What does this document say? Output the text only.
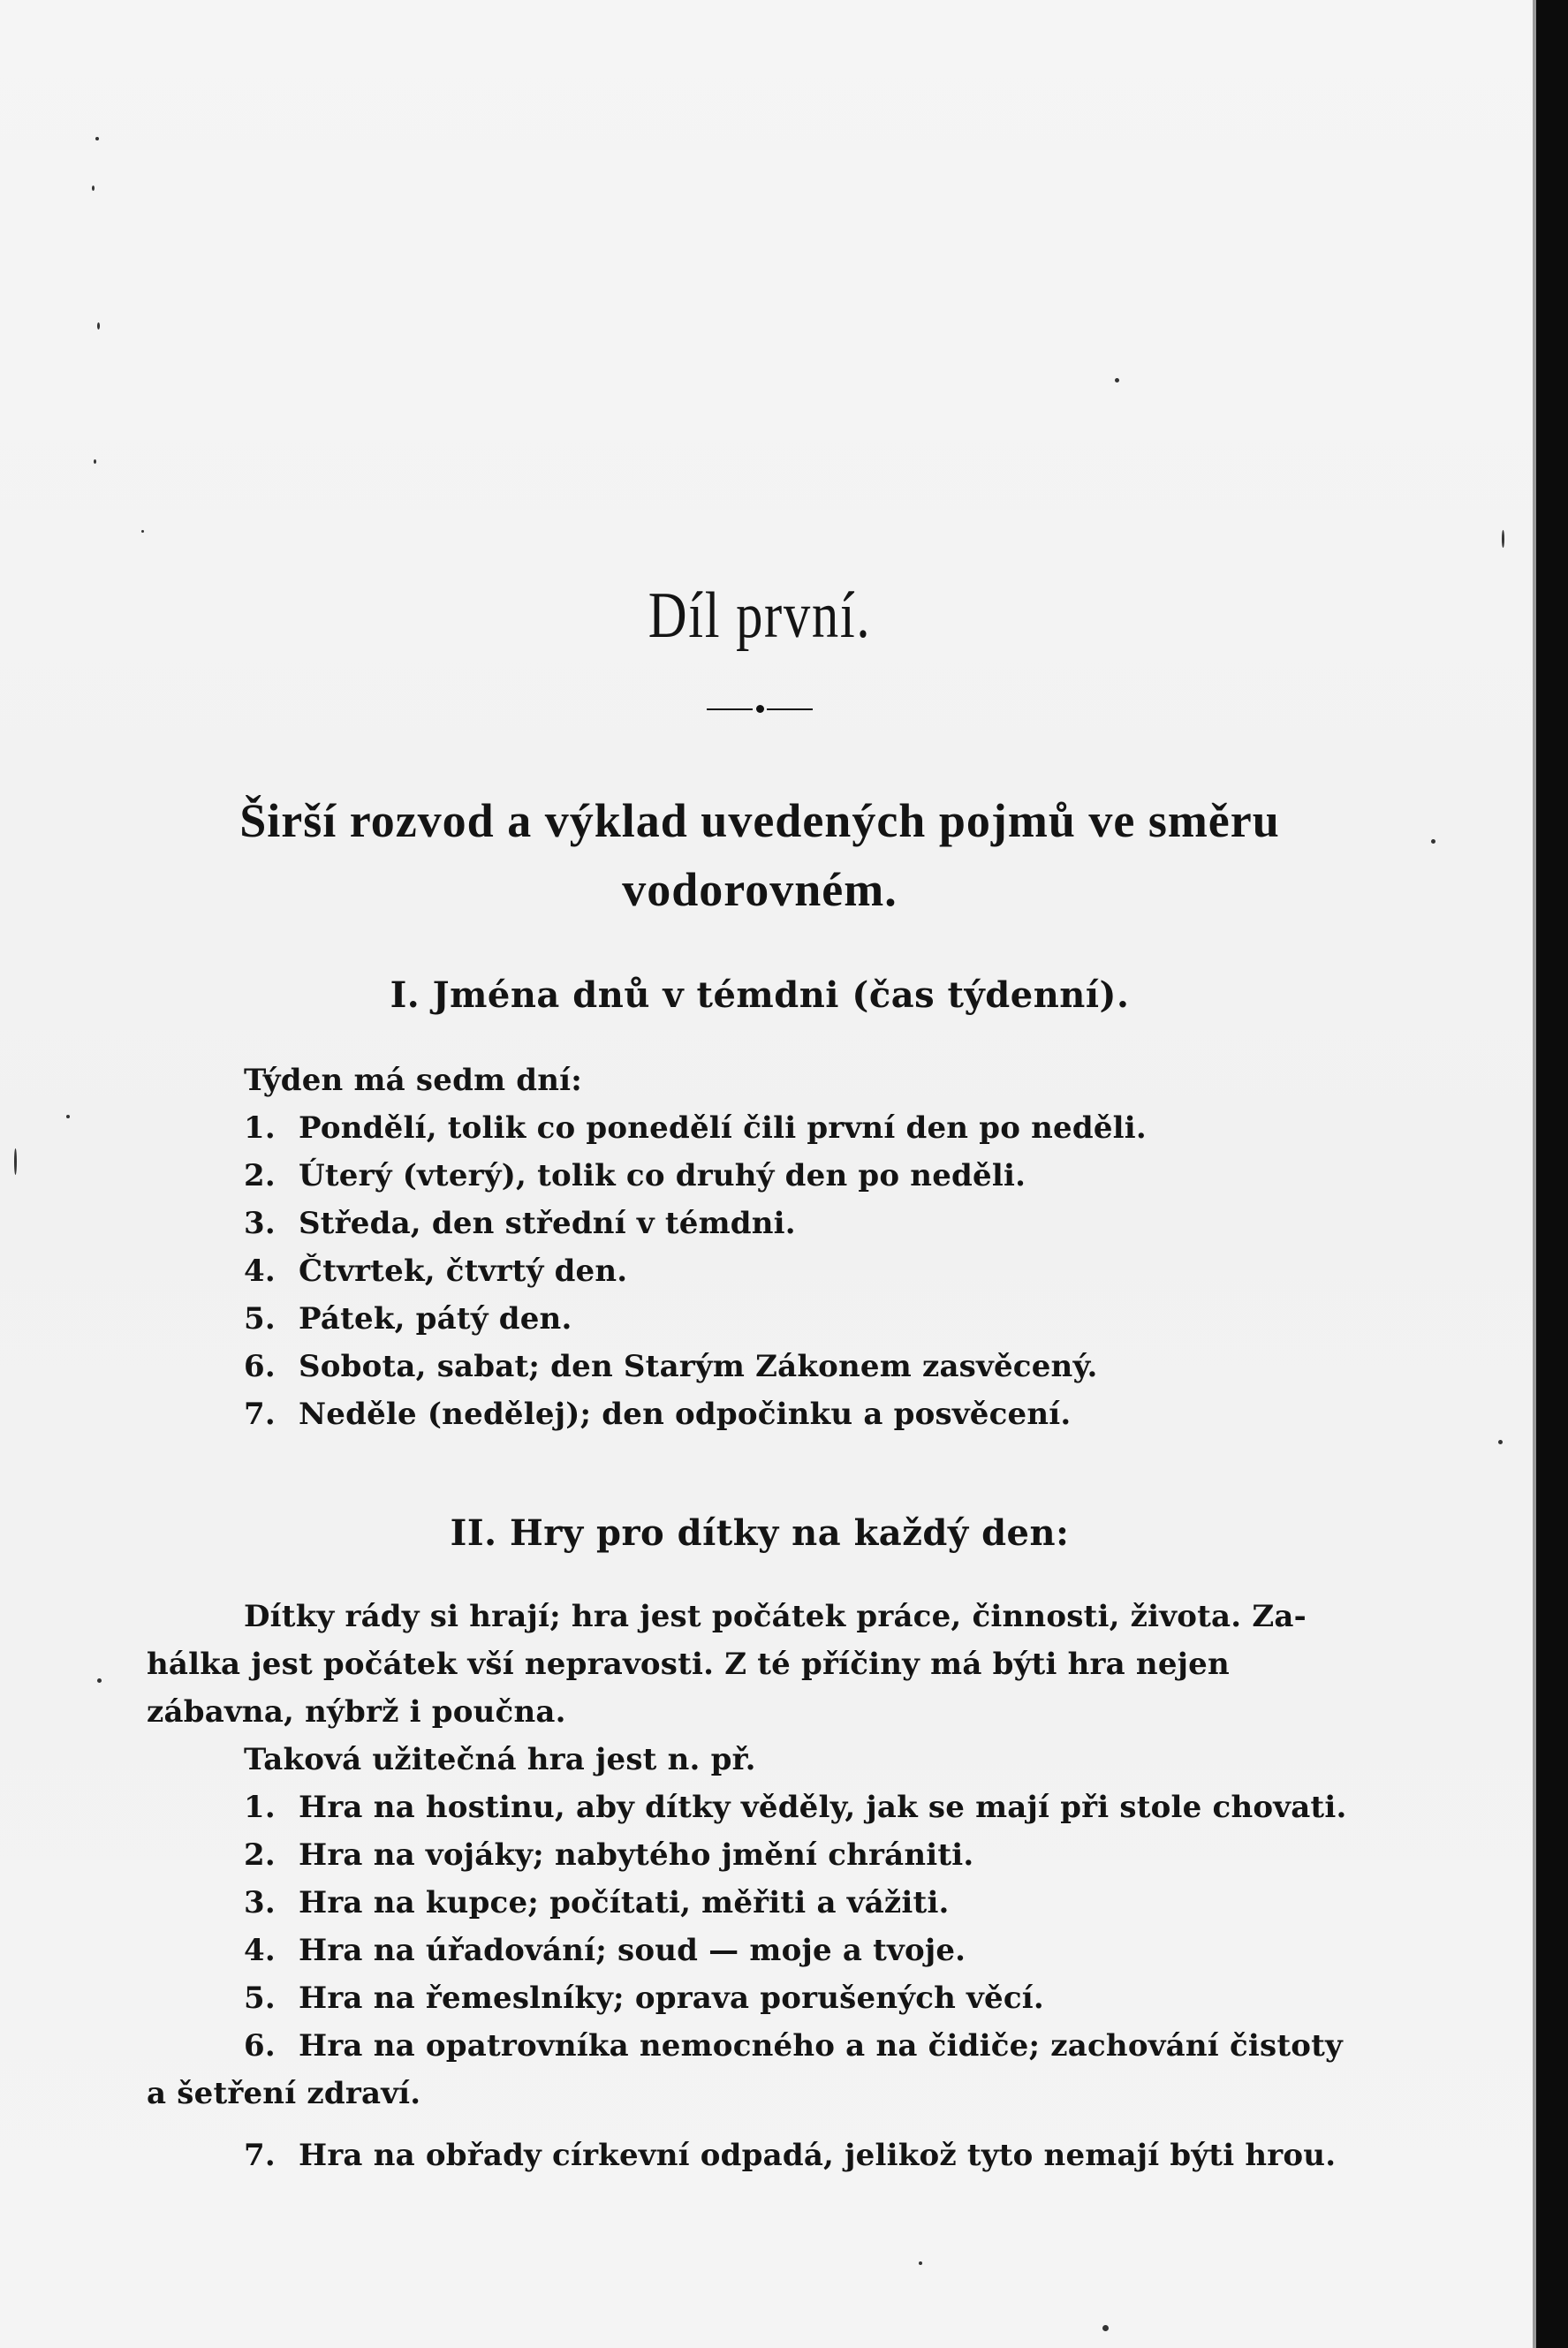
Díl první.
Širší rozvod a výklad uvedených pojmů ve směru
vodorovném.
I. Jména dnů v témdni (čas týdenní).
Týden má sedm dní:
1. Pondělí, tolik co ponedělí čili první den po neděli.
2. Úterý (vterý), tolik co druhý den po neděli.
3. Středa, den střední v témdni.
4. Čtvrtek, čtvrtý den.
5. Pátek, pátý den.
6. Sobota, sabat; den Starým Zákonem zasvěcený.
7. Neděle (nedělej); den odpočinku a posvěcení.
II. Hry pro dítky na každý den:
Dítky rády si hrají; hra jest počátek práce, činnosti, života. Za-
hálka jest počátek vší nepravosti. Z té příčiny má býti hra nejen
zábavna, nýbrž i poučna.
Taková užitečná hra jest n. př.
1. Hra na hostinu, aby dítky věděly, jak se mají při stole chovati.
2. Hra na vojáky; nabytého jmění chrániti.
3. Hra na kupce; počítati, měřiti a vážiti.
4. Hra na úřadování; soud — moje a tvoje.
5. Hra na řemeslníky; oprava porušených věcí.
6. Hra na opatrovníka nemocného a na čidiče; zachování čistoty
a šetření zdraví.
7. Hra na obřady církevní odpadá, jelikož tyto nemají býti hrou.
